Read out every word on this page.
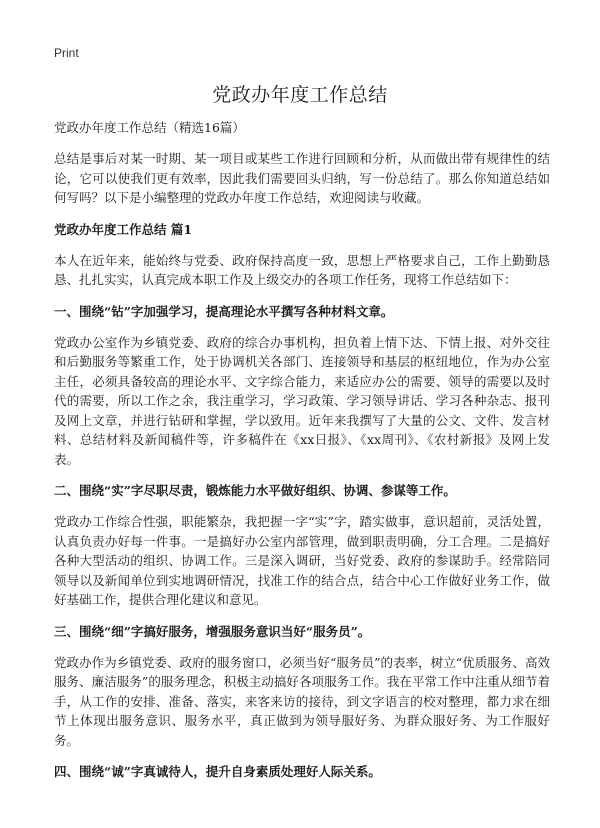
Print
党政办年度工作总结

党政办年度工作总结（精选16篇）

总结是事后对某一时期、某一项目或某些工作进行回顾和分析，从而做出带有规律性的结论，它可以使我们更有效率，因此我们需要回头归纳，写一份总结了。那么你知道总结如何写吗？以下是小编整理的党政办年度工作总结，欢迎阅读与收藏。

党政办年度工作总结 篇1

本人在近年来，能始终与党委、政府保持高度一致，思想上严格要求自己，工作上勤勤恳恳、扎扎实实，认真完成本职工作及上级交办的各项工作任务，现将工作总结如下：

一、围绕“钻”字加强学习，提高理论水平撰写各种材料文章。

党政办公室作为乡镇党委、政府的综合办事机构，担负着上情下达、下情上报、对外交往和后勤服务等繁重工作，处于协调机关各部门、连接领导和基层的枢纽地位，作为办公室主任，必须具备较高的理论水平、文字综合能力，来适应办公的需要、领导的需要以及时代的需要，所以工作之余，我注重学习，学习政策、学习领导讲话、学习各种杂志、报刊及网上文章，并进行钻研和掌握，学以致用。近年来我撰写了大量的公文、文件、发言材料、总结材料及新闻稿件等，许多稿件在《xx日报》、《xx周刊》、《农村新报》及网上发表。

二、围绕“实”字尽职尽责，锻炼能力水平做好组织、协调、参谋等工作。

党政办工作综合性强，职能繁杂，我把握一字“实”字，踏实做事，意识超前，灵活处置，认真负责办好每一件事。一是搞好办公室内部管理，做到职责明确，分工合理。二是搞好各种大型活动的组织、协调工作。三是深入调研，当好党委、政府的参谋助手。经常陪同领导以及新闻单位到实地调研情况，找准工作的结合点，结合中心工作做好业务工作，做好基础工作，提供合理化建议和意见。

三、围绕“细”字搞好服务，增强服务意识当好“服务员”。

党政办作为乡镇党委、政府的服务窗口，必须当好“服务员”的表率，树立“优质服务、高效服务、廉洁服务”的服务理念，积极主动搞好各项服务工作。我在平常工作中注重从细节着手，从工作的安排、准备、落实，来客来访的接待，到文字语言的校对整理，都力求在细节上体现出服务意识、服务水平，真正做到为领导服好务、为群众服好务、为工作服好务。

四、围绕“诚”字真诚待人，提升自身素质处理好人际关系。
